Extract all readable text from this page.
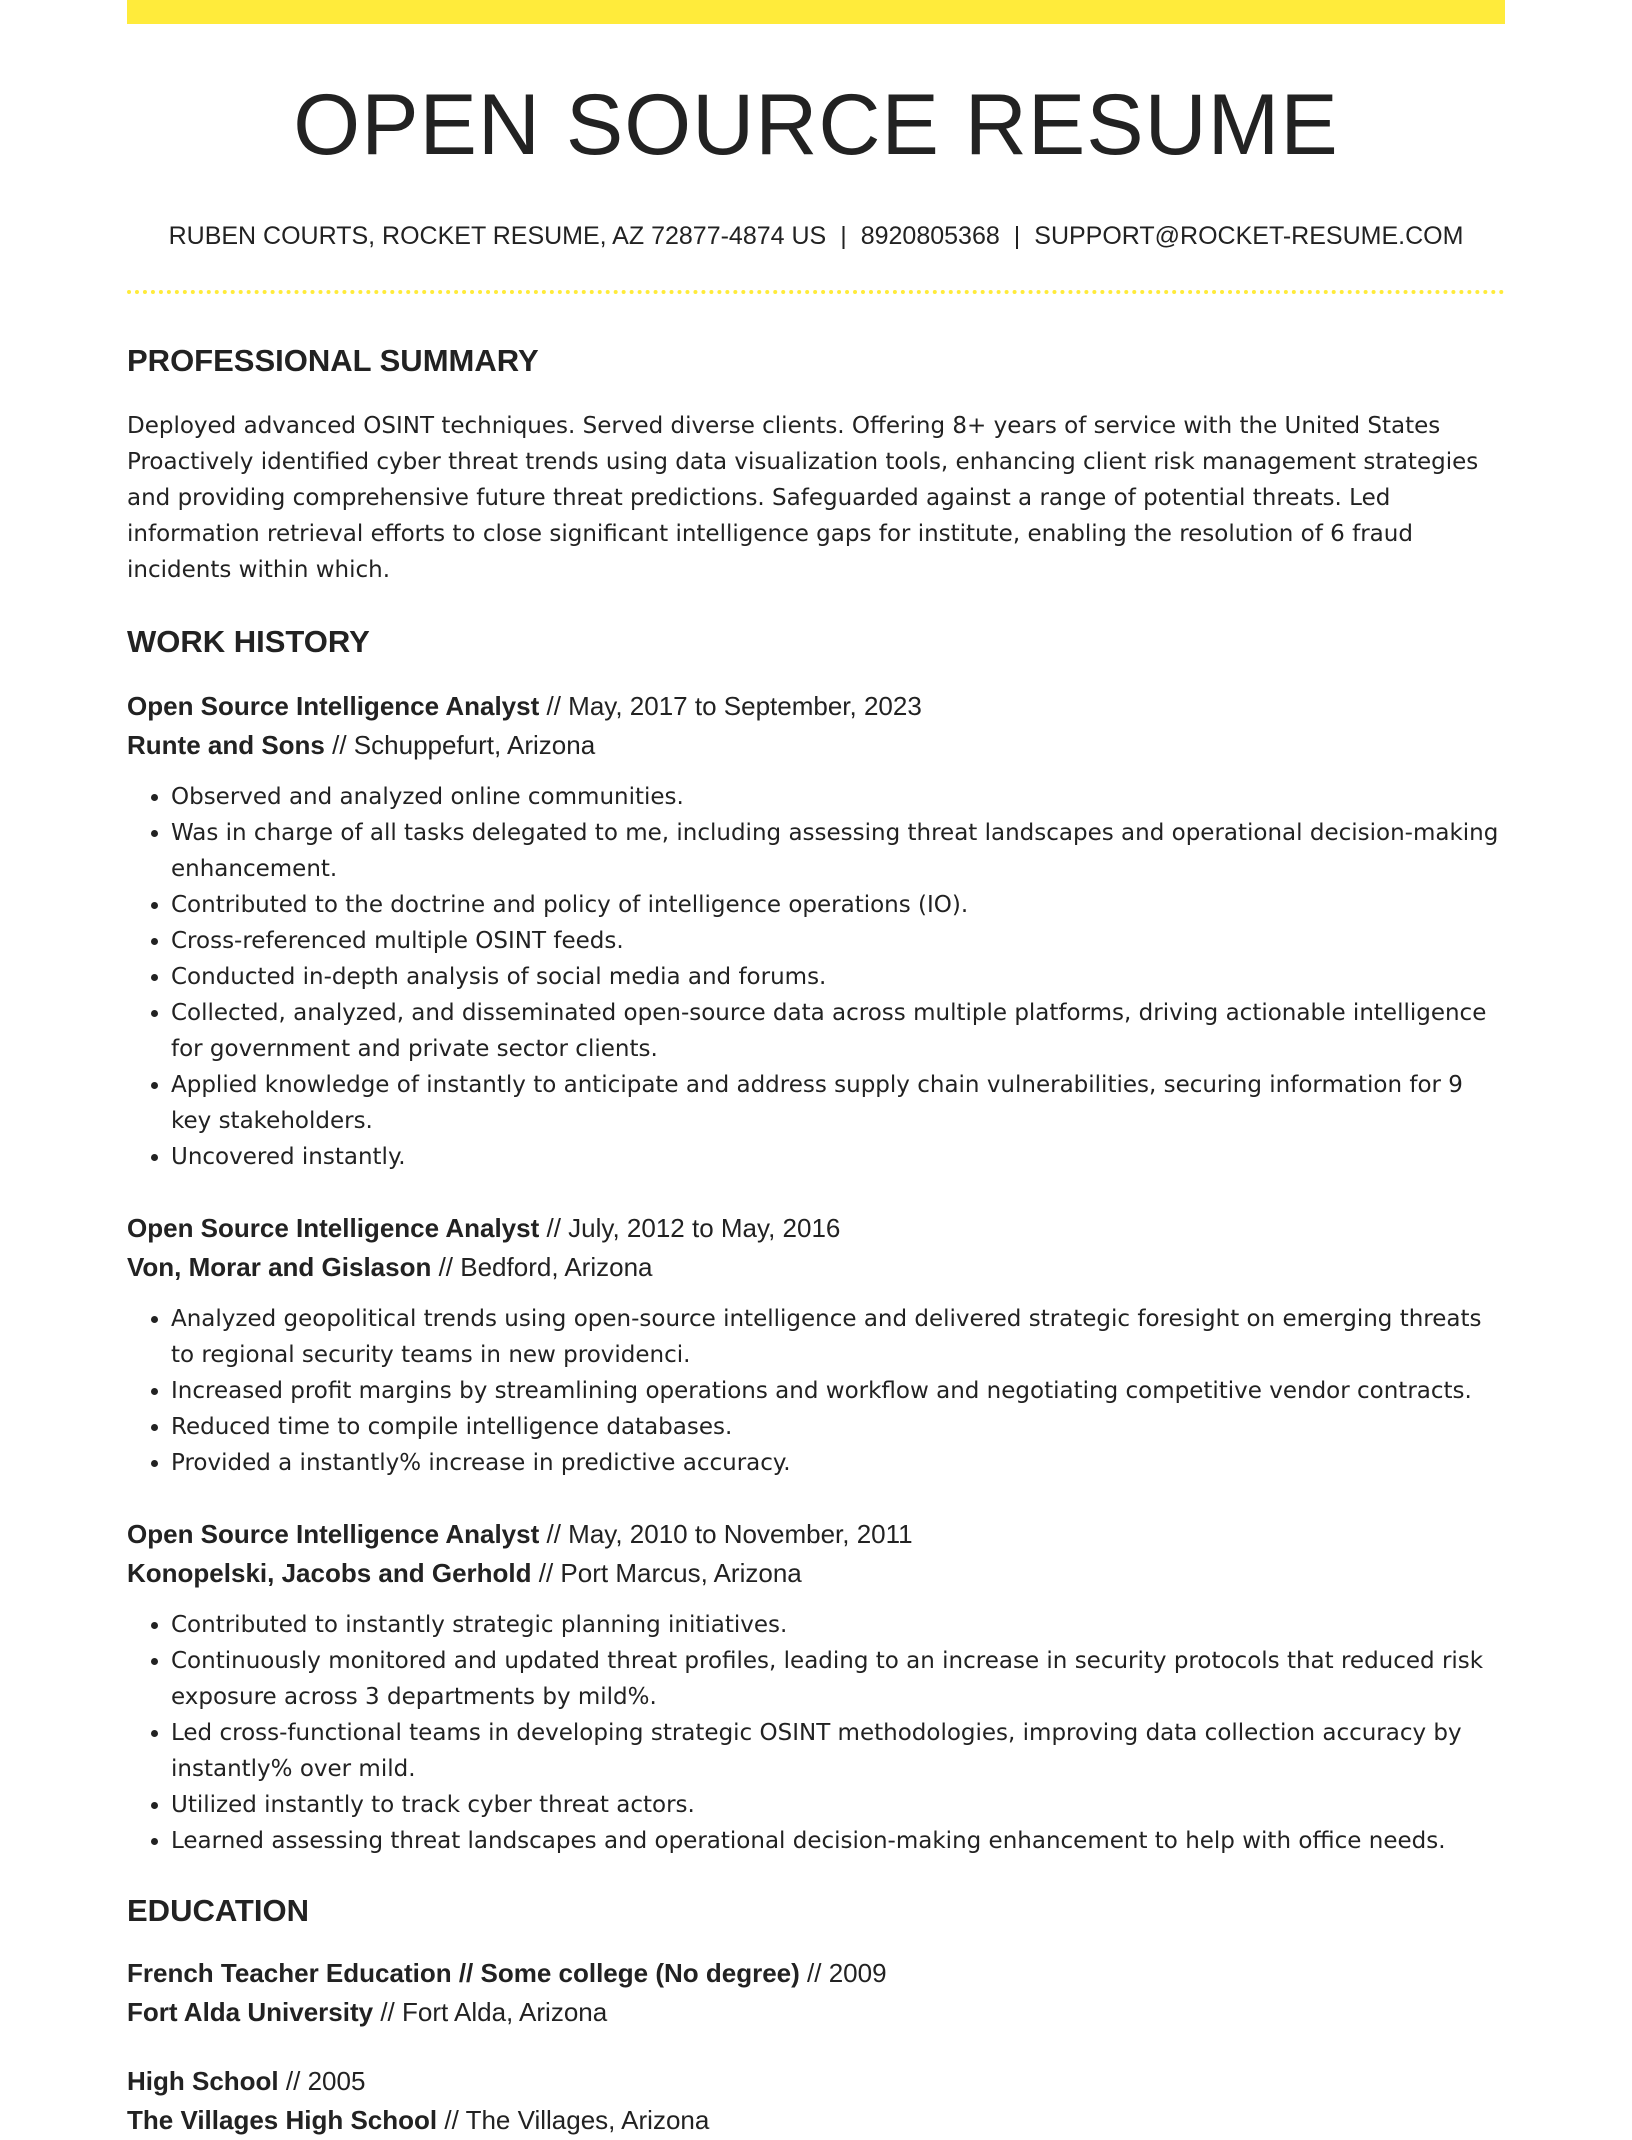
OPEN SOURCE RESUME
RUBEN COURTS, ROCKET RESUME, AZ 72877-4874 US | 8920805368 | SUPPORT@ROCKET-RESUME.COM
PROFESSIONAL SUMMARY

Deployed advanced OSINT techniques. Served diverse clients. Offering 8+ years of service with the United States Proactively identified cyber threat trends using data visualization tools, enhancing client risk management strategies and providing comprehensive future threat predictions. Safeguarded against a range of potential threats. Led information retrieval efforts to close significant intelligence gaps for institute, enabling the resolution of 6 fraud incidents within which.

WORK HISTORY
Open Source Intelligence Analyst // May, 2017 to September, 2023
Runte and Sons // Schuppefurt, Arizona
• Observed and analyzed online communities.
• Was in charge of all tasks delegated to me, including assessing threat landscapes and operational decision-making enhancement.
• Contributed to the doctrine and policy of intelligence operations (IO).
• Cross-referenced multiple OSINT feeds.
• Conducted in-depth analysis of social media and forums.
• Collected, analyzed, and disseminated open-source data across multiple platforms, driving actionable intelligence for government and private sector clients.
• Applied knowledge of instantly to anticipate and address supply chain vulnerabilities, securing information for 9 key stakeholders.
• Uncovered instantly.
Open Source Intelligence Analyst // July, 2012 to May, 2016
Von, Morar and Gislason // Bedford, Arizona
• Analyzed geopolitical trends using open-source intelligence and delivered strategic foresight on emerging threats to regional security teams in new providenci.
• Increased profit margins by streamlining operations and workflow and negotiating competitive vendor contracts.
• Reduced time to compile intelligence databases.
• Provided a instantly% increase in predictive accuracy.
Open Source Intelligence Analyst // May, 2010 to November, 2011
Konopelski, Jacobs and Gerhold // Port Marcus, Arizona
• Contributed to instantly strategic planning initiatives.
• Continuously monitored and updated threat profiles, leading to an increase in security protocols that reduced risk exposure across 3 departments by mild%.
• Led cross-functional teams in developing strategic OSINT methodologies, improving data collection accuracy by instantly% over mild.
• Utilized instantly to track cyber threat actors.
• Learned assessing threat landscapes and operational decision-making enhancement to help with office needs.
EDUCATION
French Teacher Education // Some college (No degree) // 2009
Fort Alda University // Fort Alda, Arizona
High School // 2005
The Villages High School // The Villages, Arizona
